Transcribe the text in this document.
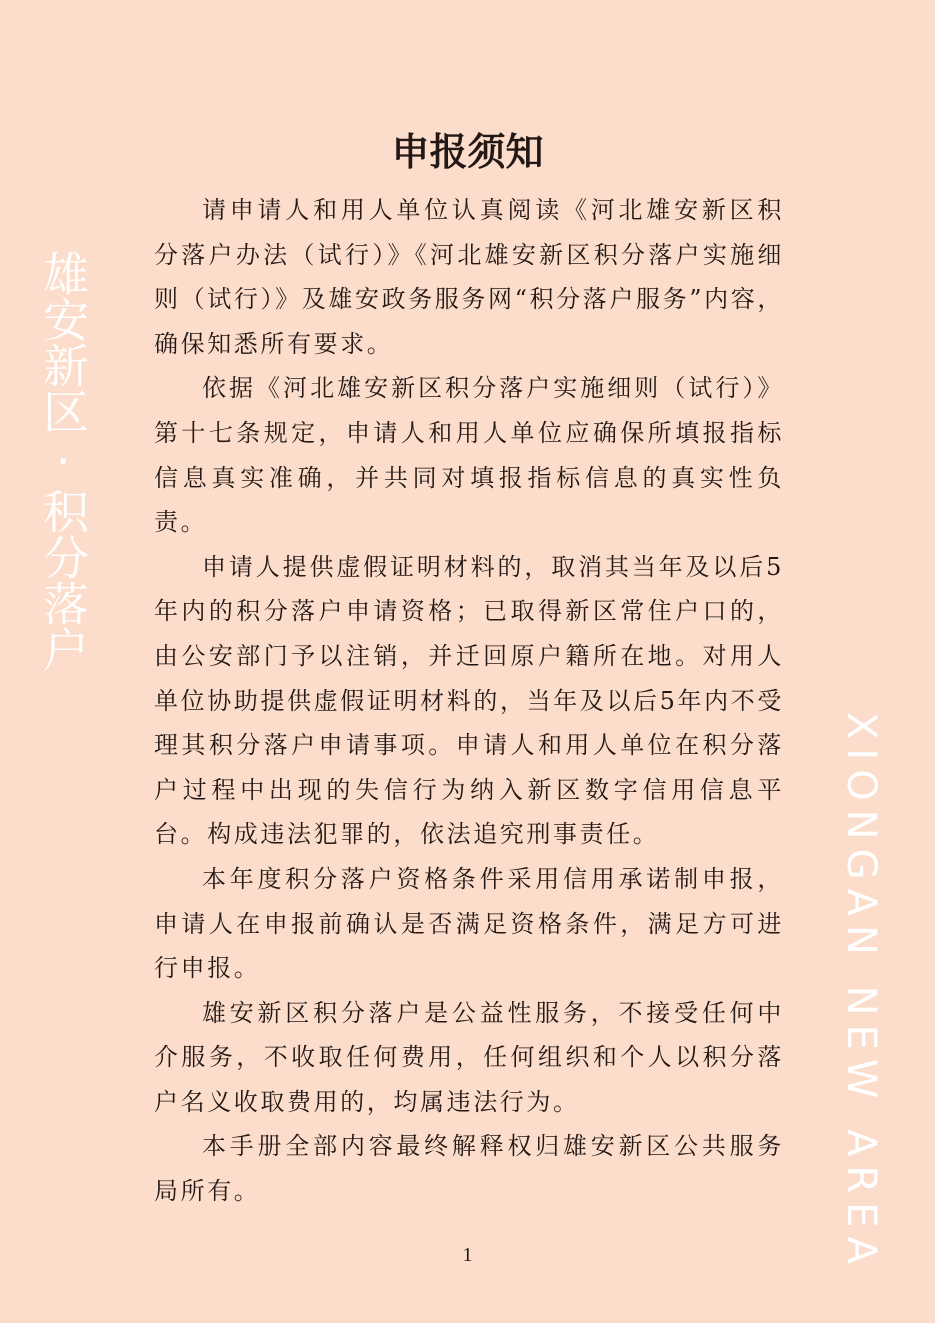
雄安新区·积分落户
XIONGAN NEW AREA
申报须知

请申请人和用人单位认真阅读《河北雄安新区积分落户办法（试行）》《河北雄安新区积分落户实施细则（试行）》及雄安政务服务网“积分落户服务”内容，确保知悉所有要求。

依据《河北雄安新区积分落户实施细则（试行）》第十七条规定，申请人和用人单位应确保所填报指标信息真实准确，并共同对填报指标信息的真实性负责。

申请人提供虚假证明材料的，取消其当年及以后5年内的积分落户申请资格；已取得新区常住户口的，由公安部门予以注销，并迁回原户籍所在地。对用人单位协助提供虚假证明材料的，当年及以后5年内不受理其积分落户申请事项。申请人和用人单位在积分落户过程中出现的失信行为纳入新区数字信用信息平台。构成违法犯罪的，依法追究刑事责任。

本年度积分落户资格条件采用信用承诺制申报，申请人在申报前确认是否满足资格条件，满足方可进行申报。

雄安新区积分落户是公益性服务，不接受任何中介服务，不收取任何费用，任何组织和个人以积分落户名义收取费用的，均属违法行为。

本手册全部内容最终解释权归雄安新区公共服务局所有。

1
